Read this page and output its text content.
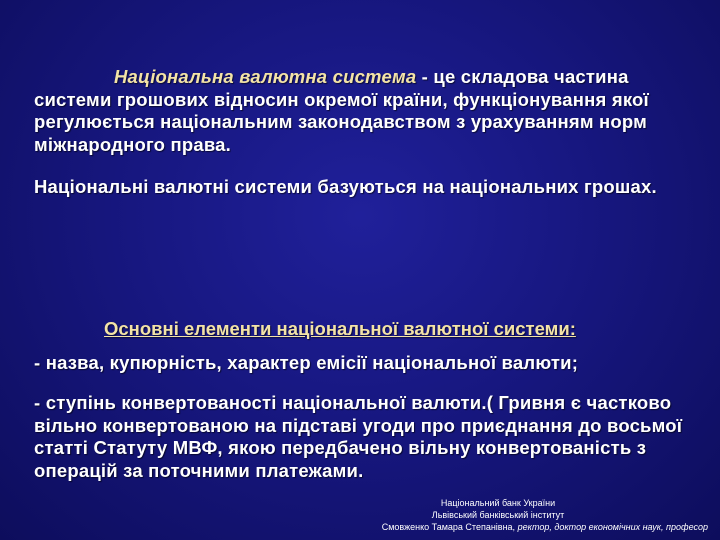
Національна валютна система - це складова частина системи грошових відносин окремої країни, функціонування якої регулюється національним законодавством з урахуванням норм міжнародного права.
Національні валютні системи базуються на національних грошах.
Основні елементи національної валютної системи:
- назва, купюрність, характер емісії національної валюти;
- ступінь конвертованості національної валюти.( Гривня є частково вільно конвертованою на підставі угоди про приєднання до восьмої статті Статуту МВФ, якою передбачено вільну конвертованість з операцій за поточними платежами.
Національний банк України
Львівський банківський інститут
Смовженко Тамара Степанівна, ректор, доктор економічних наук, професор
